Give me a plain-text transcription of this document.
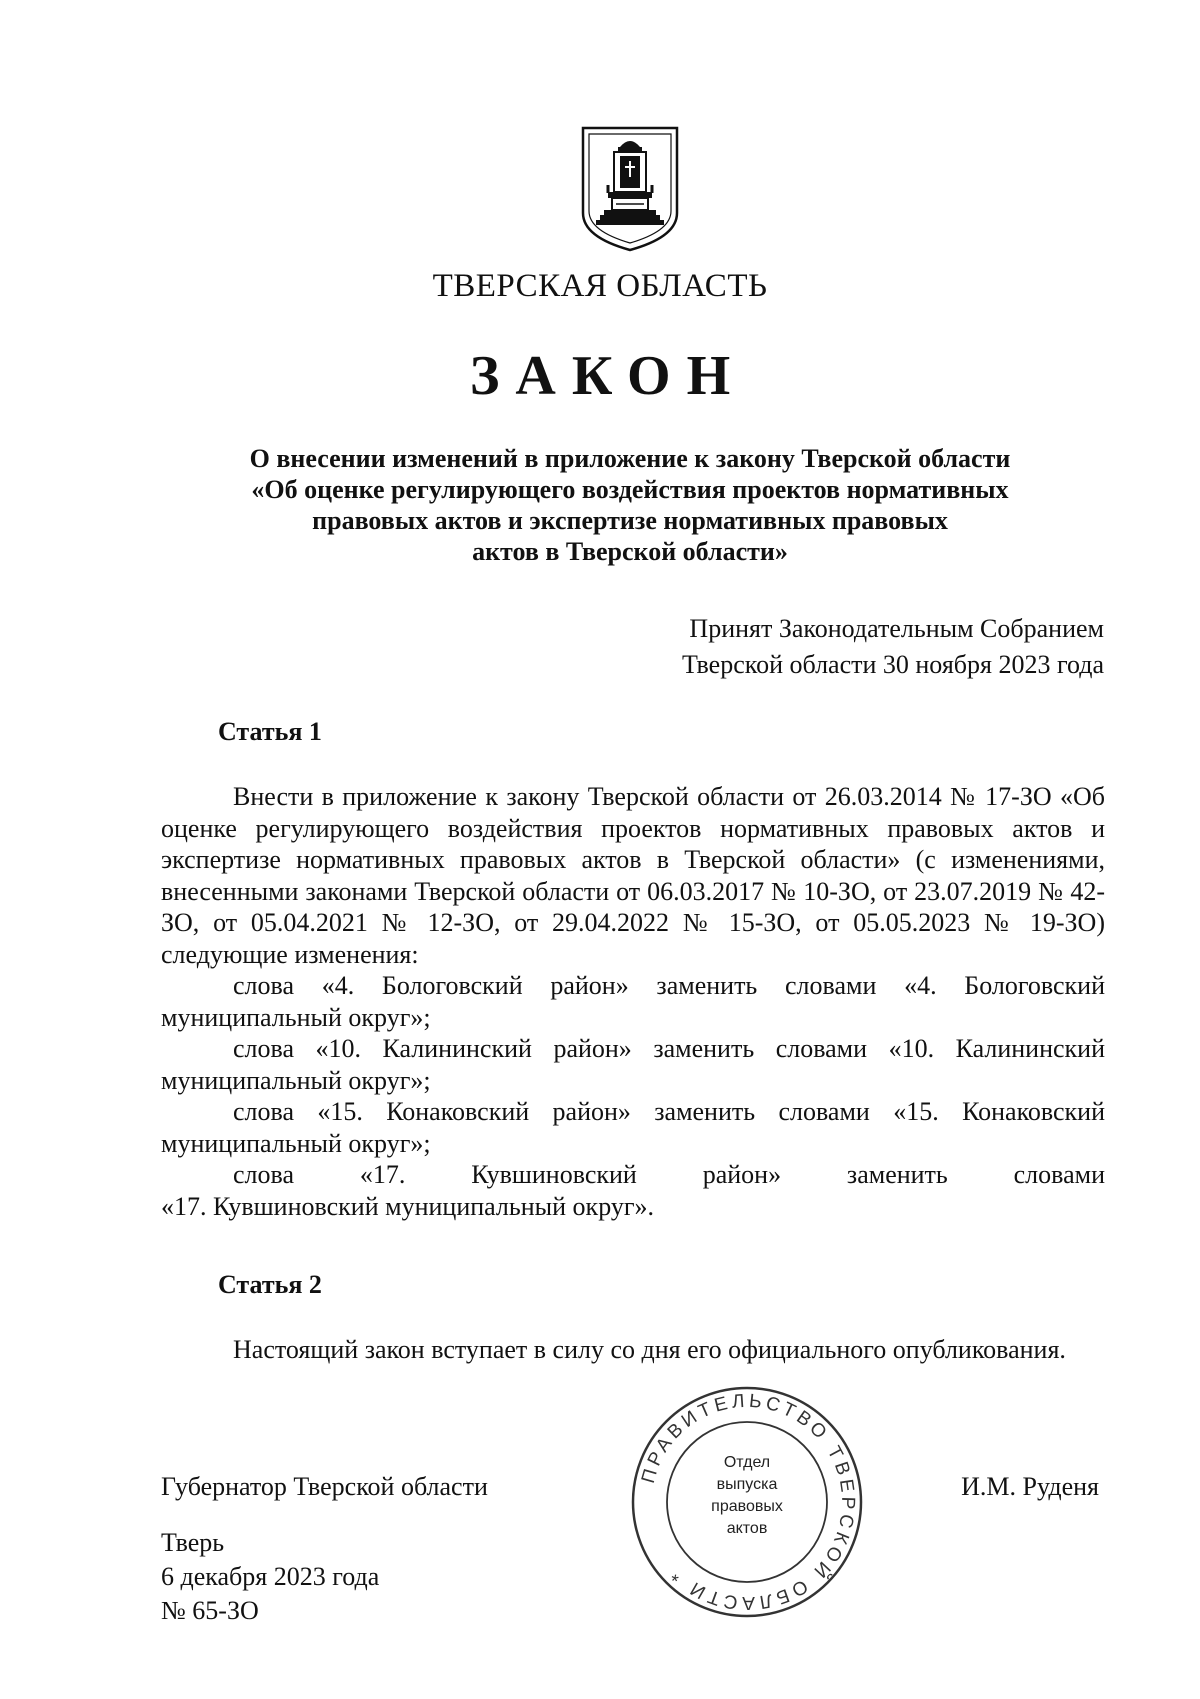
ТВЕРСКАЯ ОБЛАСТЬ
ЗАКОН
О внесении изменений в приложение к закону Тверской области
«Об оценке регулирующего воздействия проектов нормативных
правовых актов и экспертизе нормативных правовых
актов в Тверской области»
Принят Законодательным Собранием
Тверской области 30 ноября 2023 года
Статья 1

Внести в приложение к закону Тверской области от 26.03.2014 № 17-ЗО «Об оценке регулирующего воздействия проектов нормативных правовых актов и экспертизе нормативных правовых актов в Тверской области» (с изменениями, внесенными законами Тверской области от 06.03.2017 № 10-ЗО, от 23.07.2019 № 42-ЗО, от 05.04.2021 № 12-ЗО, от 29.04.2022 № 15-ЗО, от 05.05.2023 № 19-ЗО) следующие изменения:

слова «4. Бологовский район» заменить словами «4. Бологовский муниципальный округ»;

слова «10. Калининский район» заменить словами «10. Калининский муниципальный округ»;

слова «15. Конаковский район» заменить словами «15. Конаковский муниципальный округ»;

слова «17. Кувшиновский район» заменить словами

«17. Кувшиновский муниципальный округ».

Статья 2

Настоящий закон вступает в силу со дня его официального опубликования.

ПРАВИТЕЛЬСТВО ТВЕРСКОЙ ОБЛАСТИ *
Отдел
выпуска
правовых
актов
Губернатор Тверской области	И.М. Руденя
Тверь
6 декабря 2023 года
№ 65-ЗО
